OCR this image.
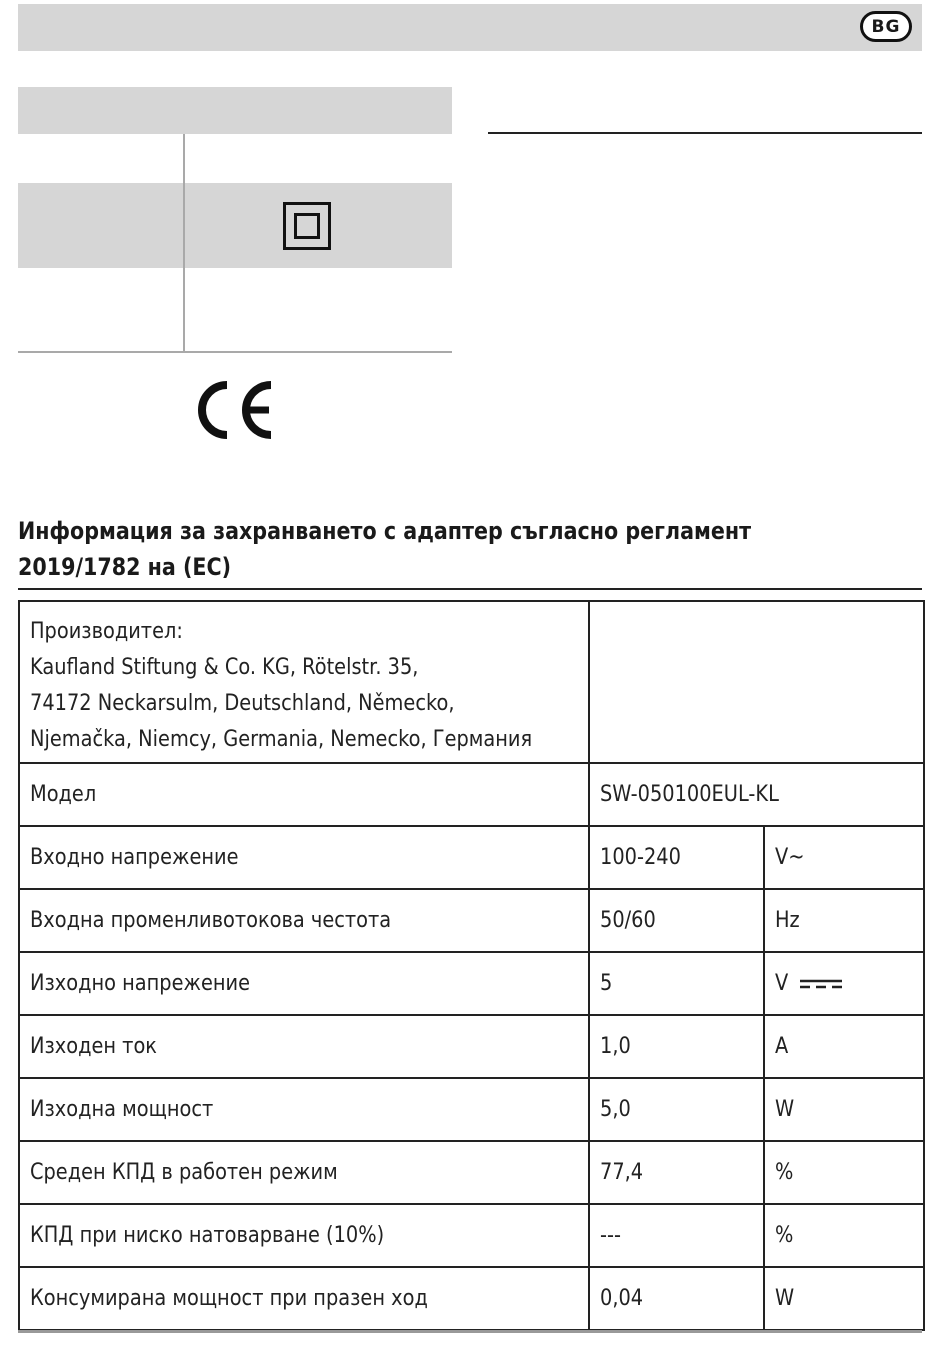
BG
Информация за захранването с адаптер съгласно регламент
2019/1782 на (ЕС)
Производител:
Kaufland Stiftung & Co. KG, Rötelstr. 35,
74172 Neckarsulm, Deutschland, Německo,
Njemačka, Niemcy, Germania, Nemecko, Германия		

Модел	SW-050100EUL-KL	
Входно напрежение	100-240	V~
Входна променливотокова честота	50/60	Hz
Изходно напрежение	5	V
Изходен ток	1,0	A
Изходна мощност	5,0	W
Среден КПД в работен режим	77,4	%
КПД при ниско натоварване (10%)	---	%
Консумирана мощност при празен ход	0,04	W
